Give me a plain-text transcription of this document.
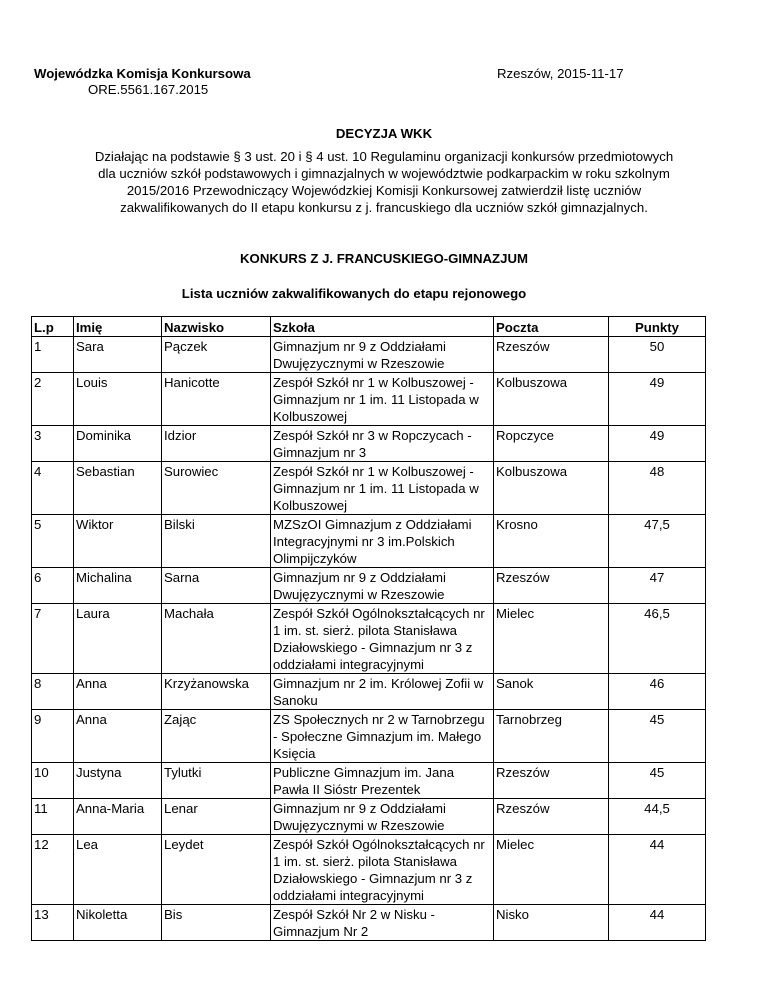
Wojewódzka Komisja Konkursowa
ORE.5561.167.2015
Rzeszów, 2015-11-17
DECYZJA WKK

Działając na podstawie § 3 ust. 20 i § 4 ust. 10 Regulaminu organizacji konkursów przedmiotowych

dla uczniów szkół podstawowych i gimnazjalnych w województwie podkarpackim w roku szkolnym

2015/2016 Przewodniczący Wojewódzkiej Komisji Konkursowej zatwierdził listę uczniów

zakwalifikowanych do II etapu konkursu z j. francuskiego dla uczniów szkół gimnazjalnych.

KONKURS Z J. FRANCUSKIEGO-GIMNAZJUM
Lista uczniów zakwalifikowanych do etapu rejonowego
L.p	Imię	Nazwisko	Szkoła	Poczta	Punkty
1	Sara	Pączek	Gimnazjum nr 9 z Oddziałami Dwujęzycznymi w Rzeszowie	Rzeszów	50
2	Louis	Hanicotte	Zespół Szkół nr 1 w Kolbuszowej - Gimnazjum nr 1 im. 11 Listopada w Kolbuszowej	Kolbuszowa	49
3	Dominika	Idzior	Zespół Szkół nr 3 w Ropczycach - Gimnazjum nr 3	Ropczyce	49
4	Sebastian	Surowiec	Zespół Szkół nr 1 w Kolbuszowej - Gimnazjum nr 1 im. 11 Listopada w Kolbuszowej	Kolbuszowa	48
5	Wiktor	Bilski	MZSzOI Gimnazjum z Oddziałami Integracyjnymi nr 3 im.Polskich Olimpijczyków	Krosno	47,5
6	Michalina	Sarna	Gimnazjum nr 9 z Oddziałami Dwujęzycznymi w Rzeszowie	Rzeszów	47
7	Laura	Machała	Zespół Szkół Ogólnokształcących nr 1 im. st. sierż. pilota Stanisława Działowskiego - Gimnazjum nr 3 z oddziałami integracyjnymi	Mielec	46,5
8	Anna	Krzyżanowska	Gimnazjum nr 2 im. Królowej Zofii w Sanoku	Sanok	46
9	Anna	Zając	ZS Społecznych nr 2 w Tarnobrzegu - Społeczne Gimnazjum im. Małego Księcia	Tarnobrzeg	45
10	Justyna	Tylutki	Publiczne Gimnazjum im. Jana Pawła II Sióstr Prezentek	Rzeszów	45
11	Anna-Maria	Lenar	Gimnazjum nr 9 z Oddziałami Dwujęzycznymi w Rzeszowie	Rzeszów	44,5
12	Lea	Leydet	Zespół Szkół Ogólnokształcących nr 1 im. st. sierż. pilota Stanisława Działowskiego - Gimnazjum nr 3 z oddziałami integracyjnymi	Mielec	44
13	Nikoletta	Bis	Zespół Szkół Nr 2 w Nisku - Gimnazjum Nr 2	Nisko	44
